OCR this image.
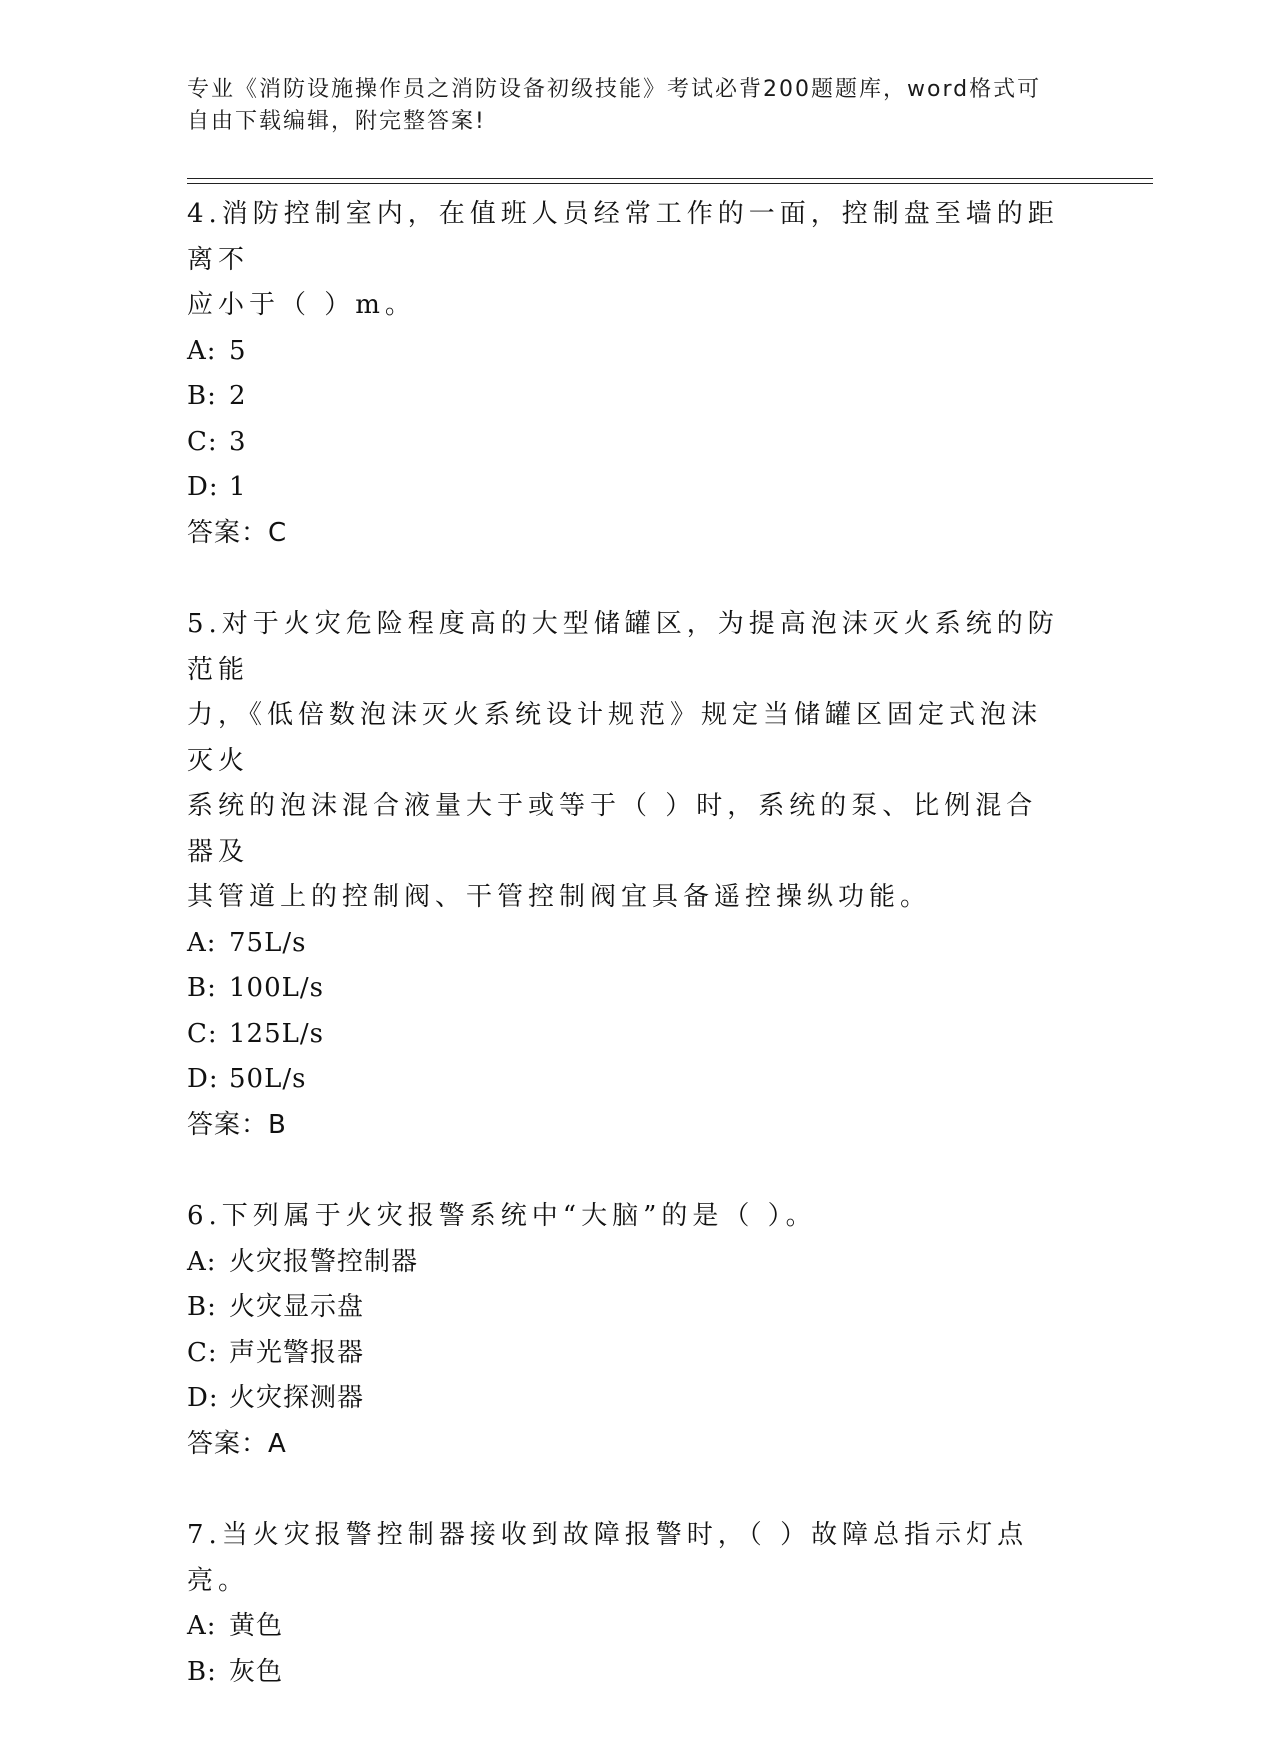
专业《消防设施操作员之消防设备初级技能》考试必背200题题库，word格式可
自由下载编辑，附完整答案!

4.消防控制室内，在值班人员经常工作的一面，控制盘至墙的距离不

应小于（ ）m。

A: 5

B: 2

C: 3

D: 1

答案：C

5.对于火灾危险程度高的大型储罐区，为提高泡沫灭火系统的防范能

力，《低倍数泡沫灭火系统设计规范》规定当储罐区固定式泡沫灭火

系统的泡沫混合液量大于或等于（ ）时，系统的泵、比例混合器及

其管道上的控制阀、干管控制阀宜具备遥控操纵功能。

A: 75L/s

B: 100L/s

C: 125L/s

D: 50L/s

答案：B

6.下列属于火灾报警系统中“大脑”的是（ ）。

A: 火灾报警控制器

B: 火灾显示盘

C: 声光警报器

D: 火灾探测器

答案：A

7.当火灾报警控制器接收到故障报警时，（ ）故障总指示灯点亮。

A: 黄色

B: 灰色
